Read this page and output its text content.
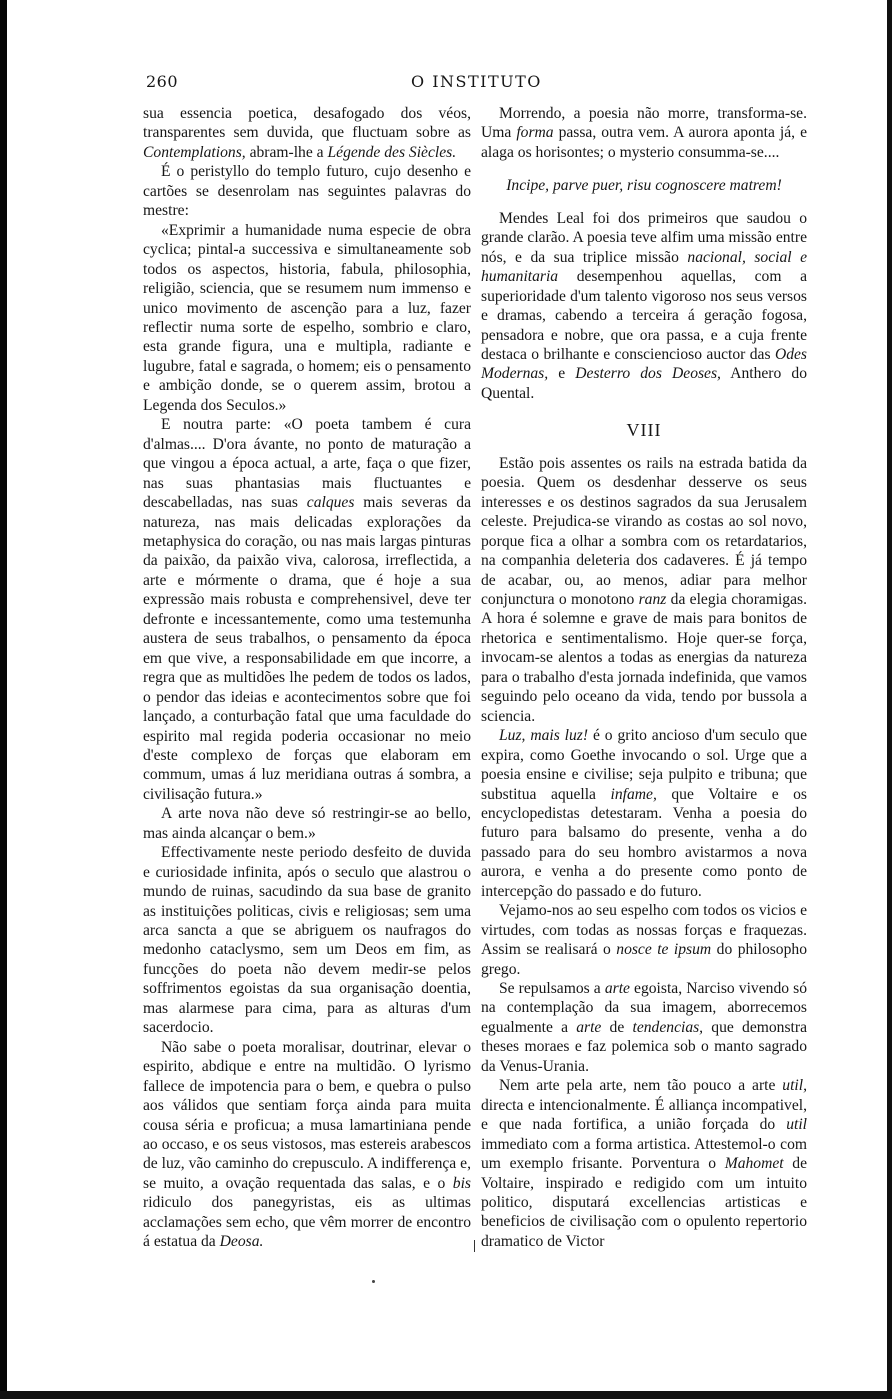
260	O INSTITUTO

sua essencia poetica, desafogado dos véos, transparentes sem duvida, que fluctuam sobre as Contemplations, abram-lhe a Légende des Siècles.

É o peristyllo do templo futuro, cujo desenho e cartões se desenrolam nas seguintes palavras do mestre:

«Exprimir a humanidade numa especie de obra cyclica; pintal-a successiva e simultaneamente sob todos os aspectos, historia, fabula, philosophia, religião, sciencia, que se resumem num immenso e unico movimento de ascenção para a luz, fazer reflectir numa sorte de espelho, sombrio e claro, esta grande figura, una e multipla, radiante e lugubre, fatal e sagrada, o homem; eis o pensamento e ambição donde, se o querem assim, brotou a Legenda dos Seculos.»

E noutra parte: «O poeta tambem é cura d'almas.... D'ora ávante, no ponto de maturação a que vingou a época actual, a arte, faça o que fizer, nas suas phantasias mais fluctuantes e descabelladas, nas suas calques mais severas da natureza, nas mais delicadas explorações da metaphysica do coração, ou nas mais largas pinturas da paixão, da paixão viva, calorosa, irreflectida, a arte e mórmente o drama, que é hoje a sua expressão mais robusta e comprehensivel, deve ter defronte e incessantemente, como uma testemunha austera de seus trabalhos, o pensamento da época em que vive, a responsabilidade em que incorre, a regra que as multidões lhe pedem de todos os lados, o pendor das ideias e acontecimentos sobre que foi lançado, a conturbação fatal que uma faculdade do espirito mal regida poderia occasionar no meio d'este complexo de forças que elaboram em commum, umas á luz meridiana outras á sombra, a civilisação futura.»

A arte nova não deve só restringir-se ao bello, mas ainda alcançar o bem.»

Effectivamente neste periodo desfeito de duvida e curiosidade infinita, após o seculo que alastrou o mundo de ruinas, sacudindo da sua base de granito as instituições politicas, civis e religiosas; sem uma arca sancta a que se abriguem os naufragos do medonho cataclysmo, sem um Deos em fim, as funcções do poeta não devem medir-se pelos soffrimentos egoistas da sua organisação doentia, mas alarmese para cima, para as alturas d'um sacerdocio.

Não sabe o poeta moralisar, doutrinar, elevar o espirito, abdique e entre na multidão. O lyrismo fallece de impotencia para o bem, e quebra o pulso aos válidos que sentiam força ainda para muita cousa séria e proficua; a musa lamartiniana pende ao occaso, e os seus vistosos, mas estereis arabescos de luz, vão caminho do crepusculo. A indifferença e, se muito, a ovação requentada das salas, e o bis ridiculo dos panegyristas, eis as ultimas acclamações sem echo, que vêm morrer de encontro á estatua da Deosa.

Morrendo, a poesia não morre, transforma-se. Uma forma passa, outra vem. A aurora aponta já, e alaga os horisontes; o mysterio consumma-se....

Incipe, parve puer, risu cognoscere matrem!

Mendes Leal foi dos primeiros que saudou o grande clarão. A poesia teve alfim uma missão entre nós, e da sua triplice missão nacional, social e humanitaria desempenhou aquellas, com a superioridade d'um talento vigoroso nos seus versos e dramas, cabendo a terceira á geração fogosa, pensadora e nobre, que ora passa, e a cuja frente destaca o brilhante e consciencioso auctor das Odes Modernas, e Desterro dos Deoses, Anthero do Quental.

VIII

Estão pois assentes os rails na estrada batida da poesia. Quem os desdenhar desserve os seus interesses e os destinos sagrados da sua Jerusalem celeste. Prejudica-se virando as costas ao sol novo, porque fica a olhar a sombra com os retardatarios, na companhia deleteria dos cadaveres. É já tempo de acabar, ou, ao menos, adiar para melhor conjunctura o monotono ranz da elegia choramigas. A hora é solemne e grave de mais para bonitos de rhetorica e sentimentalismo. Hoje quer-se força, invocam-se alentos a todas as energias da natureza para o trabalho d'esta jornada indefinida, que vamos seguindo pelo oceano da vida, tendo por bussola a sciencia.

Luz, mais luz! é o grito ancioso d'um seculo que expira, como Goethe invocando o sol. Urge que a poesia ensine e civilise; seja pulpito e tribuna; que substitua aquella infame, que Voltaire e os encyclopedistas detestaram. Venha a poesia do futuro para balsamo do presente, venha a do passado para do seu hombro avistarmos a nova aurora, e venha a do presente como ponto de intercepção do passado e do futuro.

Vejamo-nos ao seu espelho com todos os vicios e virtudes, com todas as nossas forças e fraquezas. Assim se realisará o nosce te ipsum do philosopho grego.

Se repulsamos a arte egoista, Narciso vivendo só na contemplação da sua imagem, aborrecemos egualmente a arte de tendencias, que demonstra theses moraes e faz polemica sob o manto sagrado da Venus-Urania.

Nem arte pela arte, nem tão pouco a arte util, directa e intencionalmente. É alliança incompativel, e que nada fortifica, a união forçada do util immediato com a forma artistica. Attestemol-o com um exemplo frisante. Porventura o Mahomet de Voltaire, inspirado e redigido com um intuito politico, disputará excellencias artisticas e beneficios de civilisação com o opulento repertorio dramatico de Victor
